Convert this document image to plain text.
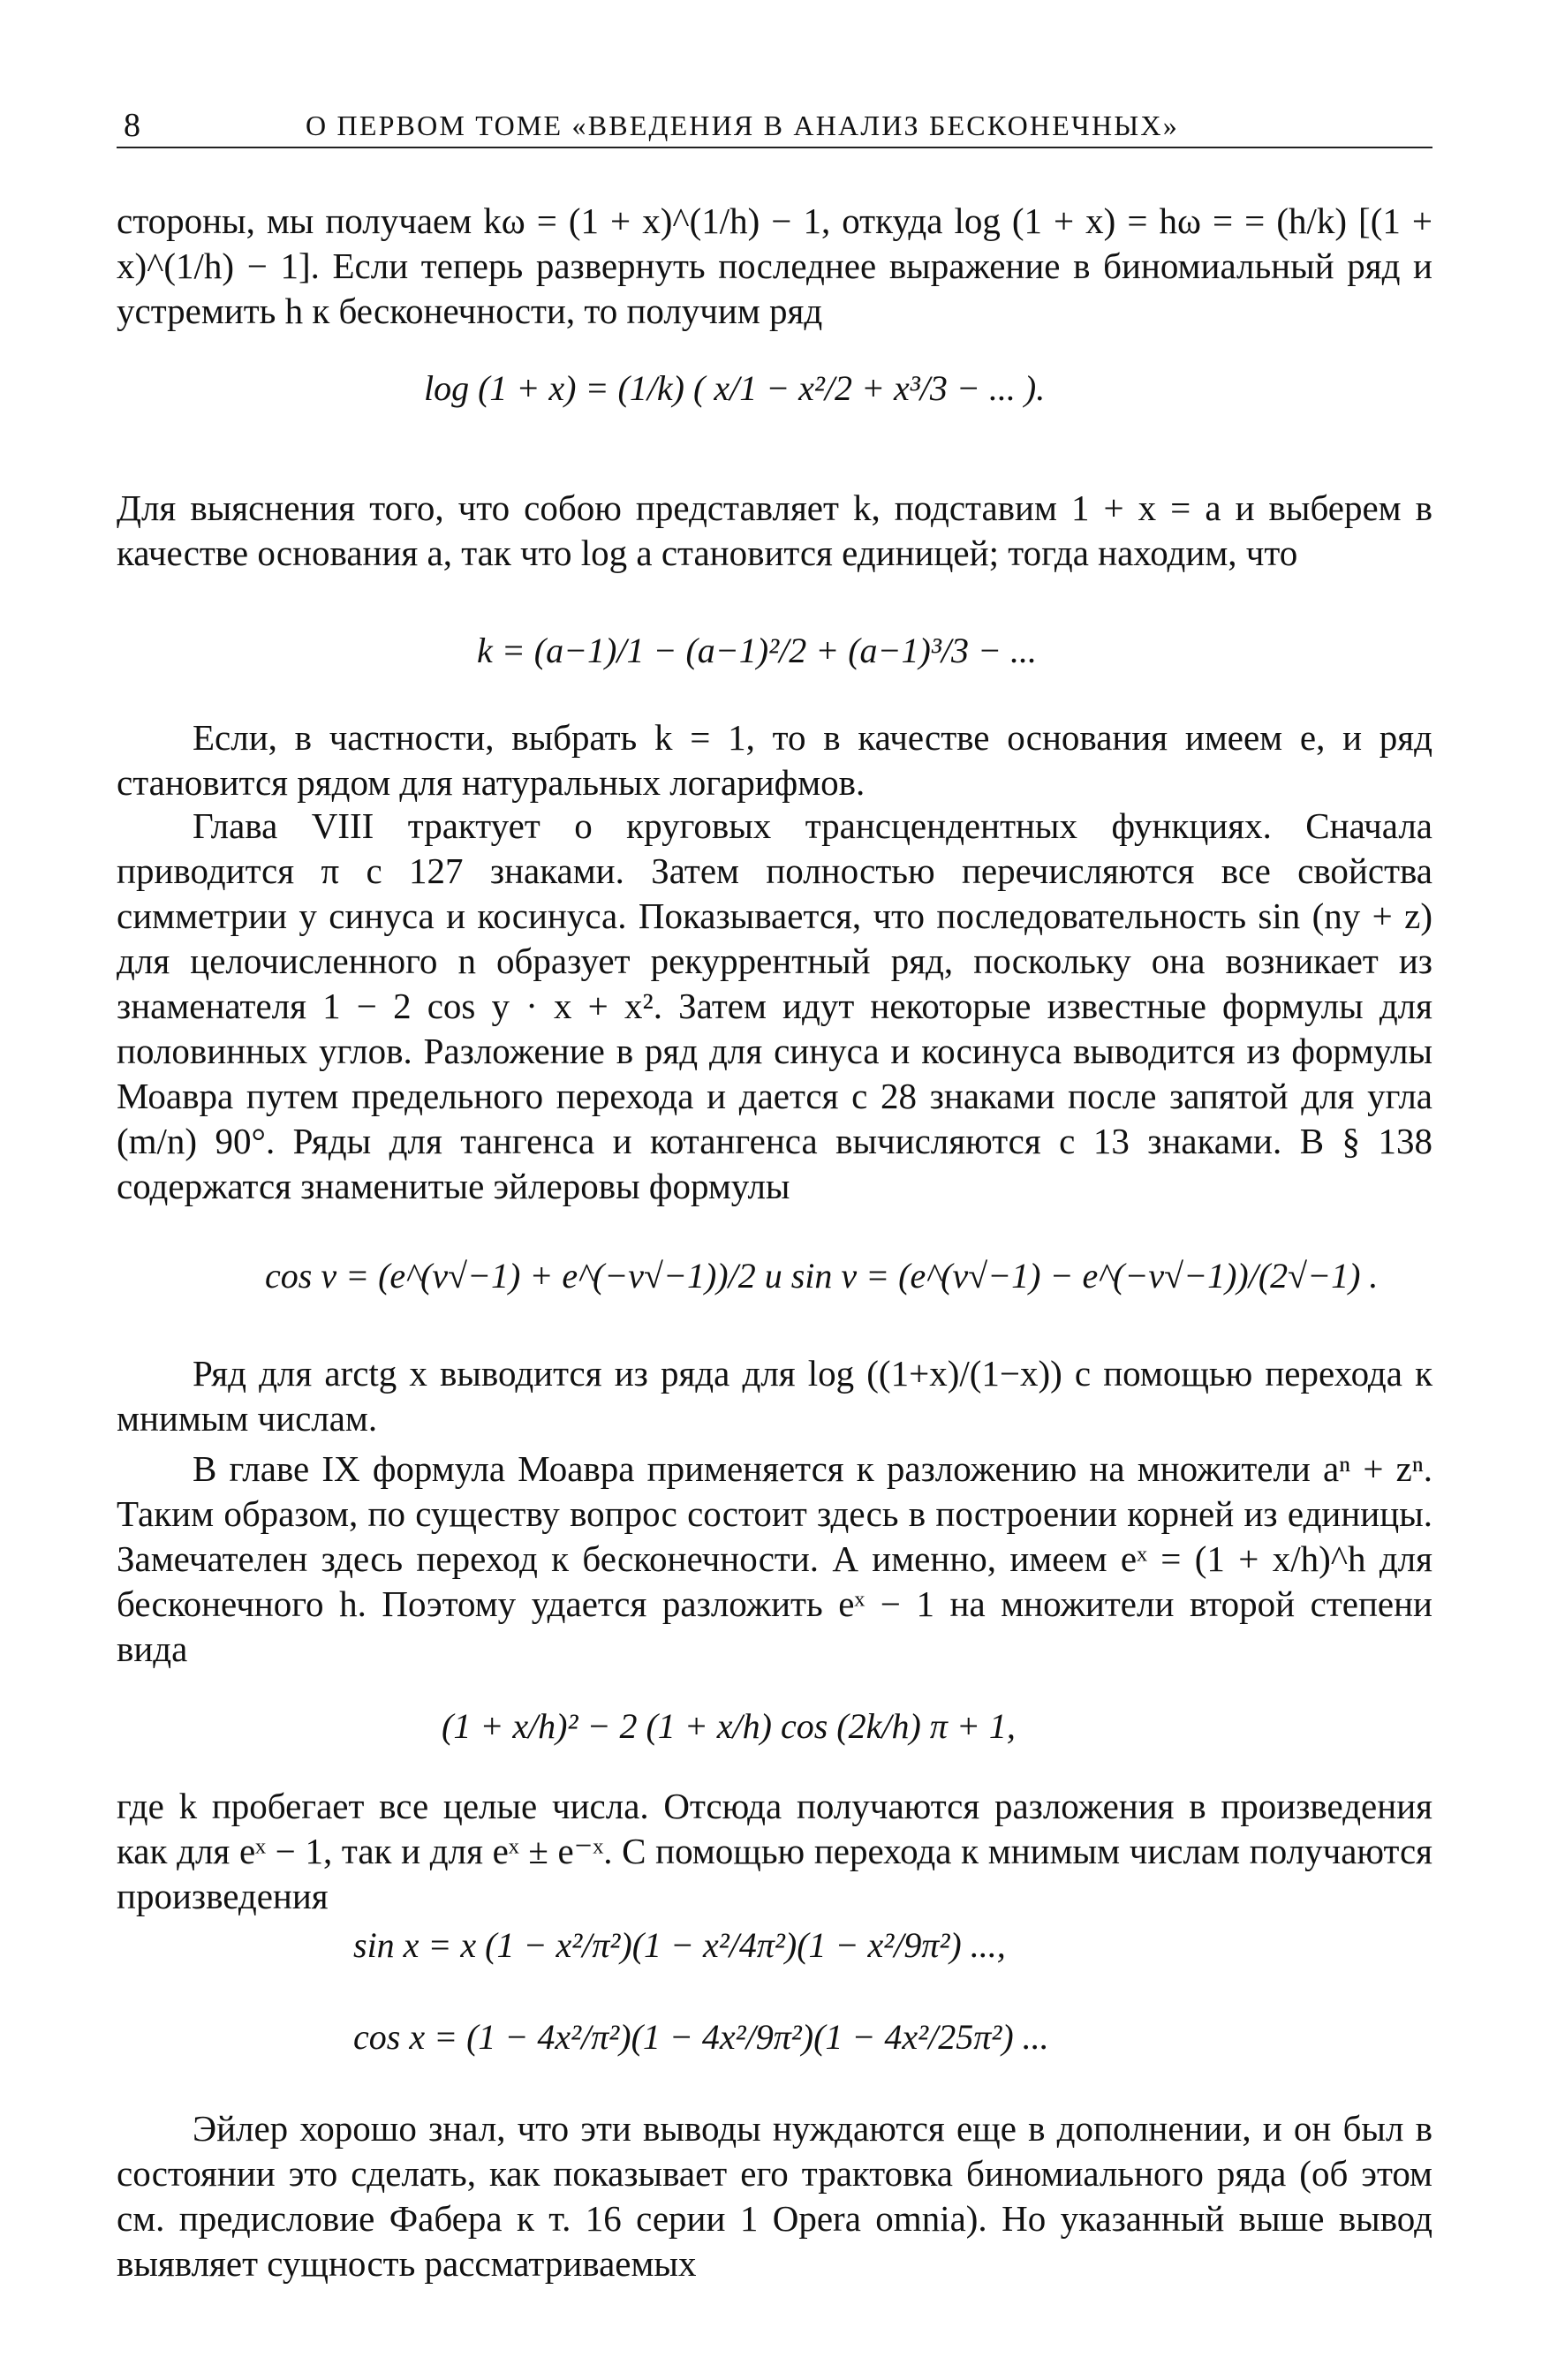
8	О ПЕРВОМ ТОМЕ «ВВЕДЕНИЯ В АНАЛИЗ БЕСКОНЕЧНЫХ»

стороны, мы получаем kω = (1 + x)^(1/h) − 1, откуда log (1 + x) = hω = = (h/k) [(1 + x)^(1/h) − 1]. Если теперь развернуть последнее выражение в биномиальный ряд и устремить h к бесконечности, то получим ряд

log (1 + x) = (1/k) ( x/1 − x²/2 + x³/3 − ... ).

Для выяснения того, что собою представляет k, подставим 1 + x = a и выберем в качестве основания a, так что log a становится единицей; тогда находим, что

k = (a−1)/1 − (a−1)²/2 + (a−1)³/3 − ...

Если, в частности, выбрать k = 1, то в качестве основания имеем e, и ряд становится рядом для натуральных логарифмов.

Глава VIII трактует о круговых трансцендентных функциях. Сначала приводится π с 127 знаками. Затем полностью перечисляются все свойства симметрии у синуса и косинуса. Показывается, что последовательность sin (ny + z) для целочисленного n образует рекуррентный ряд, поскольку она возникает из знаменателя 1 − 2 cos y · x + x². Затем идут некоторые известные формулы для половинных углов. Разложение в ряд для синуса и косинуса выводится из формулы Моавра путем предельного перехода и дается с 28 знаками после запятой для угла (m/n) 90°. Ряды для тангенса и котангенса вычисляются с 13 знаками. В § 138 содержатся знаменитые эйлеровы формулы

cos v = (e^(v√−1) + e^(−v√−1))/2 и sin v = (e^(v√−1) − e^(−v√−1))/(2√−1) .

Ряд для arctg x выводится из ряда для log ((1+x)/(1−x)) с помощью перехода к мнимым числам.

В главе IX формула Моавра применяется к разложению на множители aⁿ + zⁿ. Таким образом, по существу вопрос состоит здесь в построении корней из единицы. Замечателен здесь переход к бесконечности. А именно, имеем eˣ = (1 + x/h)^h для бесконечного h. Поэтому удается разложить eˣ − 1 на множители второй степени вида

(1 + x/h)² − 2 (1 + x/h) cos (2k/h) π + 1,

где k пробегает все целые числа. Отсюда получаются разложения в произведения как для eˣ − 1, так и для eˣ ± e⁻ˣ. С помощью перехода к мнимым числам получаются произведения

sin x = x (1 − x²/π²)(1 − x²/4π²)(1 − x²/9π²) ...,

cos x = (1 − 4x²/π²)(1 − 4x²/9π²)(1 − 4x²/25π²) ...

Эйлер хорошо знал, что эти выводы нуждаются еще в дополнении, и он был в состоянии это сделать, как показывает его трактовка биномиального ряда (об этом см. предисловие Фабера к т. 16 серии 1 Opera omnia). Но указанный выше вывод выявляет сущность рассматриваемых
